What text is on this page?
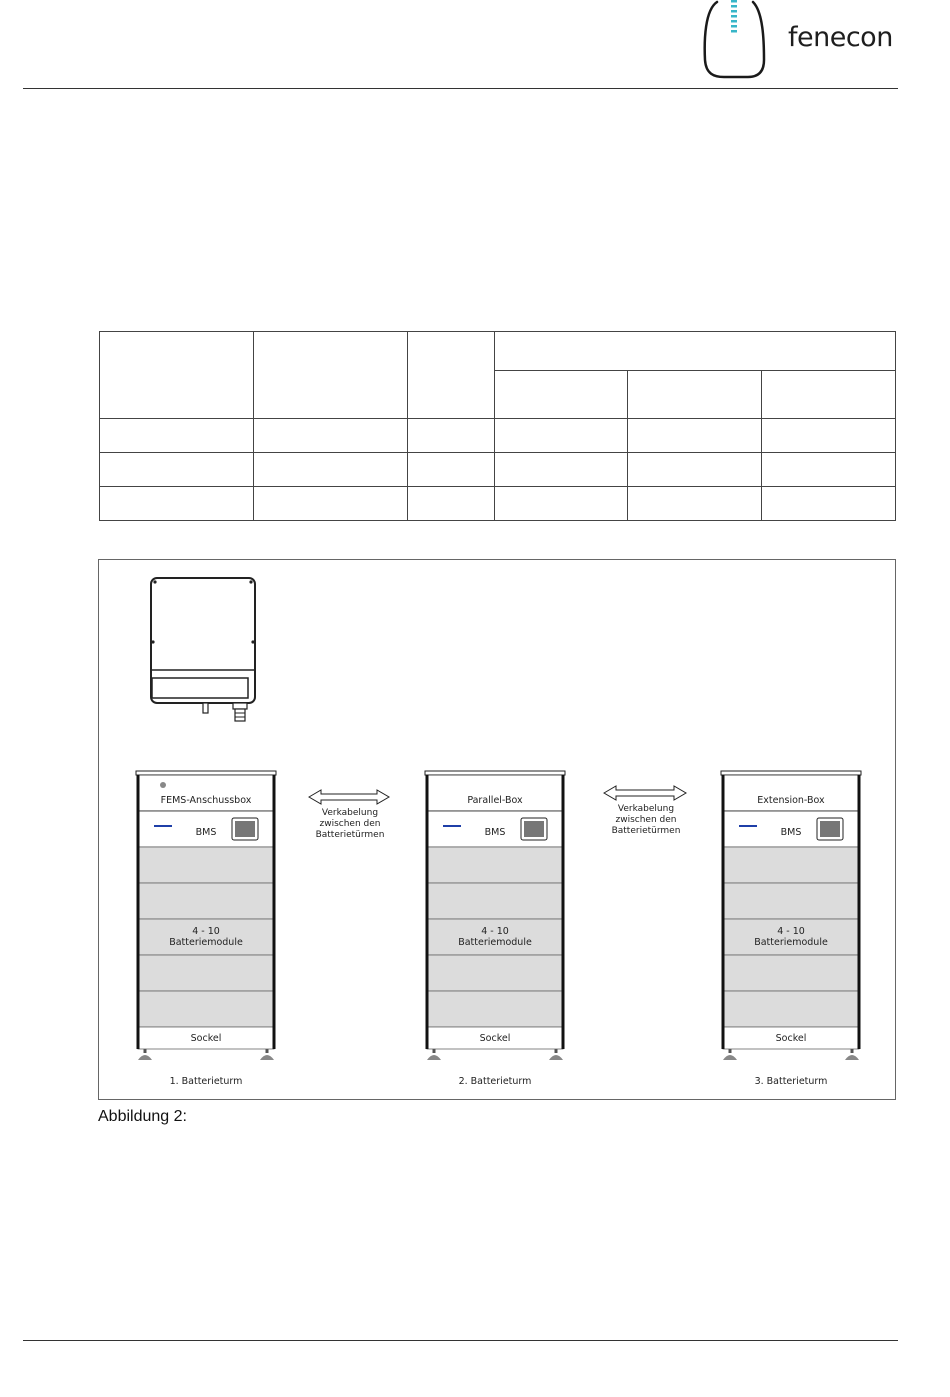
fenecon

Verkabelung
zwischen den
Batterietürmen
Verkabelung
zwischen den
Batterietürmen
FEMS-Anschussbox
BMS
4 - 10
Batteriemodule
Sockel
1. Batterieturm
Parallel-Box
BMS
4 - 10
Batteriemodule
Sockel
2. Batterieturm
Extension-Box
BMS
4 - 10
Batteriemodule
Sockel
3. Batterieturm
Abbildung 2:
